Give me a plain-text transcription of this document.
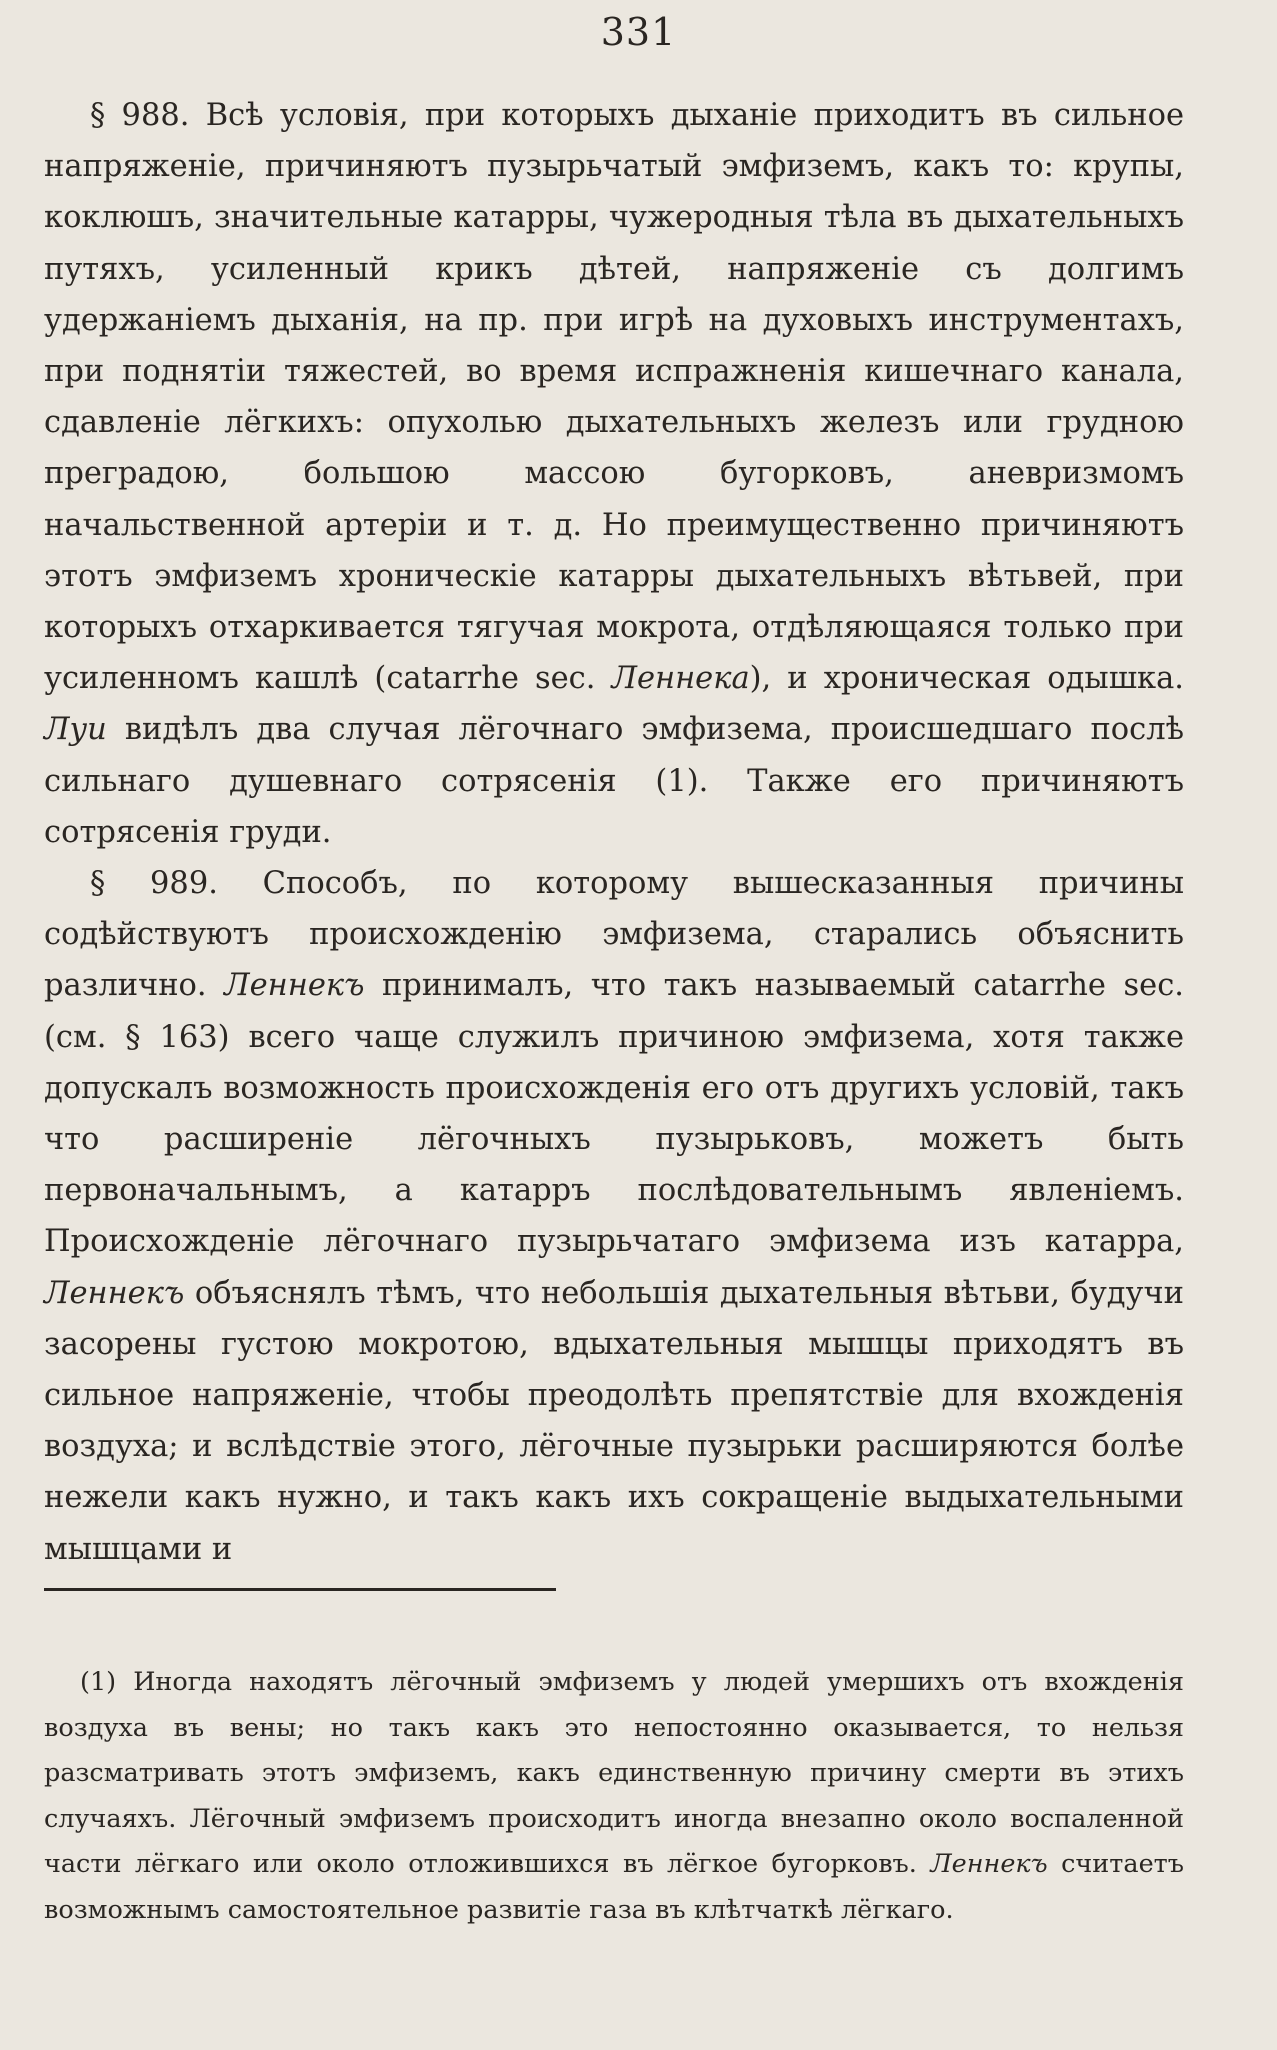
331

§ 988. Всѣ условія, при которыхъ дыханіе приходитъ въ сильное напряженіе, причиняютъ пузырьчатый эмфиземъ, какъ то: крупы, коклюшъ, значительные катарры, чужеродныя тѣла въ дыхательныхъ путяхъ, усиленный крикъ дѣтей, напряженіе съ долгимъ удержаніемъ дыханія, на пр. при игрѣ на духовыхъ инструментахъ, при поднятіи тяжестей, во время испражненія кишечнаго канала, сдавленіе лёгкихъ: опухолью дыхательныхъ железъ или грудною преградою, большою массою бугорковъ, аневризмомъ начальственной артеріи и т. д. Но преимущественно причиняютъ этотъ эмфиземъ хроническіе катарры дыхательныхъ вѣтьвей, при которыхъ отхаркивается тягучая мокрота, отдѣляющаяся только при усиленномъ кашлѣ (catarrhe sec. Леннека), и хроническая одышка. Луи видѣлъ два случая лёгочнаго эмфизема, происшедшаго послѣ сильнаго душевнаго сотрясенія (1). Также его причиняютъ сотрясенія груди.

§ 989. Способъ, по которому вышесказанныя причины содѣйствуютъ происхожденію эмфизема, старались объяснить различно. Леннекъ принималъ, что такъ называемый catarrhe sec. (см. § 163) всего чаще служилъ причиною эмфизема, хотя также допускалъ возможность происхожденія его отъ другихъ условій, такъ что расширеніе лёгочныхъ пузырьковъ, можетъ быть первоначальнымъ, а катарръ послѣдовательнымъ явленіемъ. Происхожденіе лёгочнаго пузырьчатаго эмфизема изъ катарра, Леннекъ объяснялъ тѣмъ, что небольшія дыхательныя вѣтьви, будучи засорены густою мокротою, вдыхательныя мышцы приходятъ въ сильное напряженіе, чтобы преодолѣть препятствіе для вхожденія воздуха; и вслѣдствіе этого, лёгочные пузырьки расширяются болѣе нежели какъ нужно, и такъ какъ ихъ сокращеніе выдыхательными мышцами и

(1) Иногда находятъ лёгочный эмфиземъ у людей умершихъ отъ вхожденія воздуха въ вены; но такъ какъ это непостоянно оказывается, то нельзя разсматривать этотъ эмфиземъ, какъ единственную причину смерти въ этихъ случаяхъ. Лёгочный эмфиземъ происходитъ иногда внезапно около воспаленной части лёгкаго или около отложившихся въ лёгкое бугорковъ. Леннекъ считаетъ возможнымъ самостоятельное развитіе газа въ клѣтчаткѣ лёгкаго.
